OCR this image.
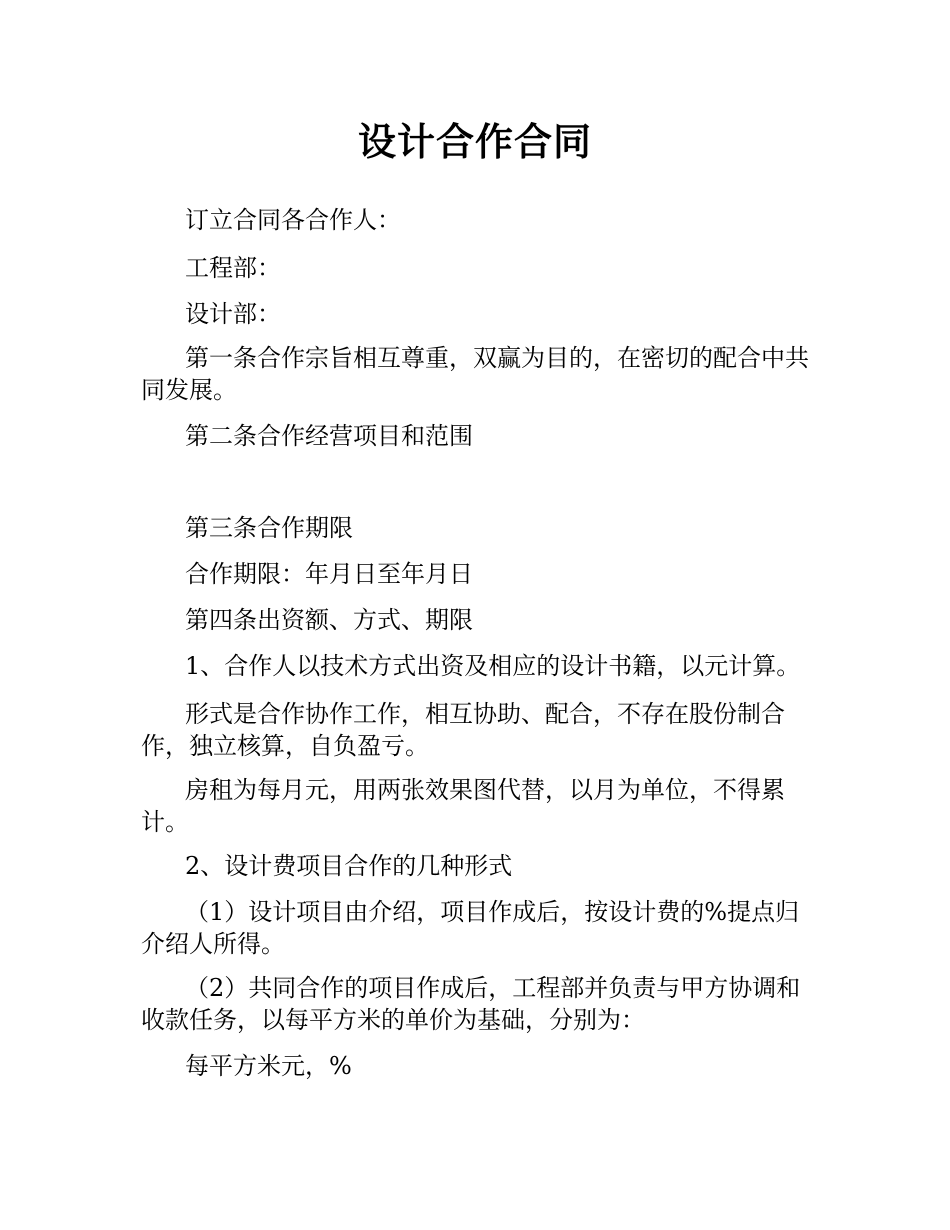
设计合作合同

订立合同各合作人：

工程部：

设计部：

第一条合作宗旨相互尊重，双赢为目的，在密切的配合中共同发展。

第二条合作经营项目和范围

第三条合作期限

合作期限：年月日至年月日

第四条出资额、方式、期限

1、合作人以技术方式出资及相应的设计书籍，以元计算。

形式是合作协作工作，相互协助、配合，不存在股份制合作，独立核算，自负盈亏。

房租为每月元，用两张效果图代替，以月为单位，不得累计。

2、设计费项目合作的几种形式

（1）设计项目由介绍，项目作成后，按设计费的%提点归介绍人所得。

（2）共同合作的项目作成后，工程部并负责与甲方协调和收款任务，以每平方米的单价为基础，分别为：

每平方米元，%
